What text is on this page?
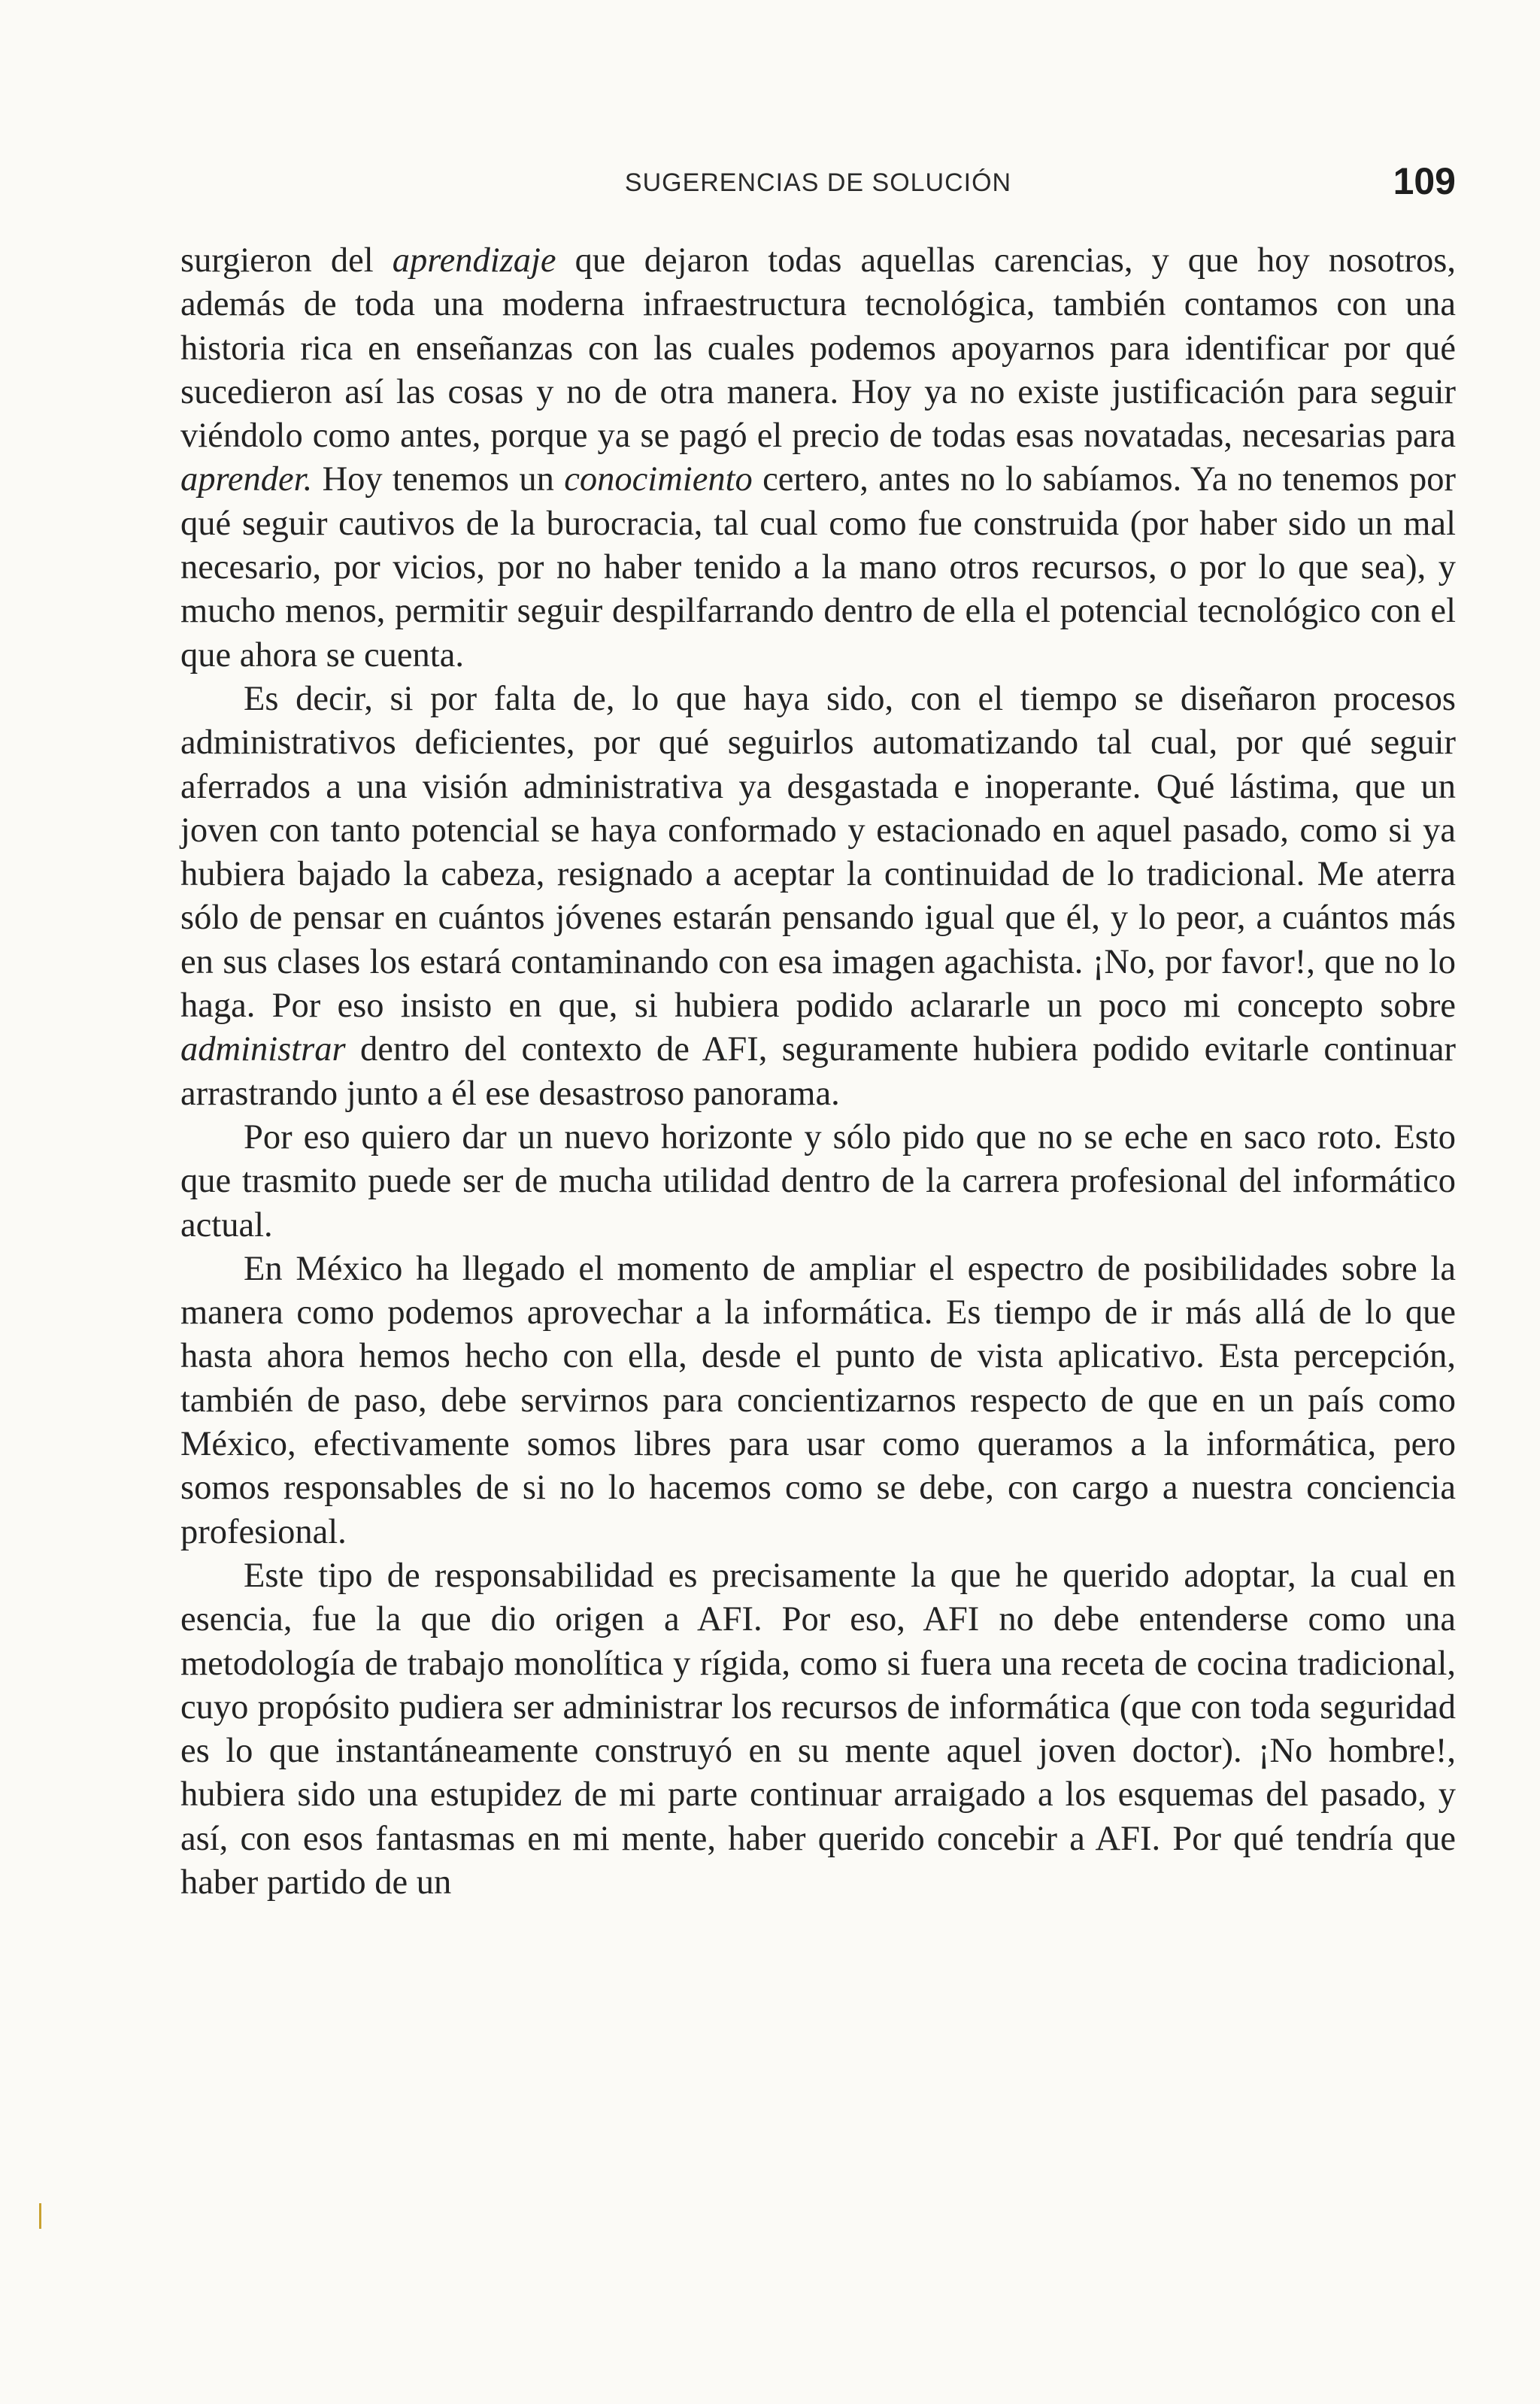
SUGERENCIAS DE SOLUCIÓN	109

surgieron del aprendizaje que dejaron todas aquellas carencias, y que hoy nosotros, además de toda una moderna infraestructura tecnológica, también contamos con una historia rica en enseñanzas con las cuales podemos apoyarnos para identificar por qué sucedieron así las cosas y no de otra manera. Hoy ya no existe justificación para seguir viéndolo como antes, porque ya se pagó el precio de todas esas novatadas, necesarias para aprender. Hoy tenemos un conocimiento certero, antes no lo sabíamos. Ya no tenemos por qué seguir cautivos de la burocracia, tal cual como fue construida (por haber sido un mal necesario, por vicios, por no haber tenido a la mano otros recursos, o por lo que sea), y mucho menos, permitir seguir despilfarrando dentro de ella el potencial tecnológico con el que ahora se cuenta.

Es decir, si por falta de, lo que haya sido, con el tiempo se diseñaron procesos administrativos deficientes, por qué seguirlos automatizando tal cual, por qué seguir aferrados a una visión administrativa ya desgastada e inoperante. Qué lástima, que un joven con tanto potencial se haya conformado y estacionado en aquel pasado, como si ya hubiera bajado la cabeza, resignado a aceptar la continuidad de lo tradicional. Me aterra sólo de pensar en cuántos jóvenes estarán pensando igual que él, y lo peor, a cuántos más en sus clases los estará contaminando con esa imagen agachista. ¡No, por favor!, que no lo haga. Por eso insisto en que, si hubiera podido aclararle un poco mi concepto sobre administrar dentro del contexto de AFI, seguramente hubiera podido evitarle continuar arrastrando junto a él ese desastroso panorama.

Por eso quiero dar un nuevo horizonte y sólo pido que no se eche en saco roto. Esto que trasmito puede ser de mucha utilidad dentro de la carrera profesional del informático actual.

En México ha llegado el momento de ampliar el espectro de posibilidades sobre la manera como podemos aprovechar a la informática. Es tiempo de ir más allá de lo que hasta ahora hemos hecho con ella, desde el punto de vista aplicativo. Esta percepción, también de paso, debe servirnos para concientizarnos respecto de que en un país como México, efectivamente somos libres para usar como queramos a la informática, pero somos responsables de si no lo hacemos como se debe, con cargo a nuestra conciencia profesional.

Este tipo de responsabilidad es precisamente la que he querido adoptar, la cual en esencia, fue la que dio origen a AFI. Por eso, AFI no debe entenderse como una metodología de trabajo monolítica y rígida, como si fuera una receta de cocina tradicional, cuyo propósito pudiera ser administrar los recursos de informática (que con toda seguridad es lo que instantáneamente construyó en su mente aquel joven doctor). ¡No hombre!, hubiera sido una estupidez de mi parte continuar arraigado a los esquemas del pasado, y así, con esos fantasmas en mi mente, haber querido concebir a AFI. Por qué tendría que haber partido de un
